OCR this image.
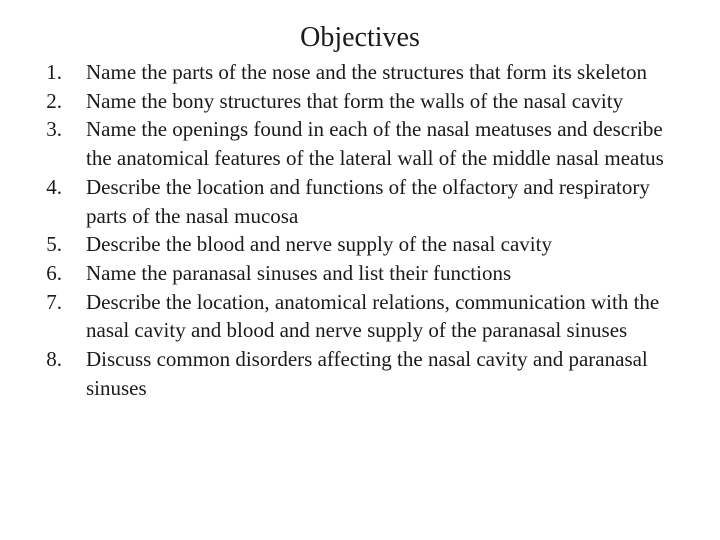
Objectives
1. Name the parts of the nose and the structures that form its skeleton
2. Name the bony structures that form the walls of the nasal cavity
3. Name the openings found in each of the nasal meatuses and describe the anatomical features of the lateral wall of the middle nasal meatus
4. Describe the location and functions of the olfactory and respiratory parts of the nasal mucosa
5. Describe the blood and nerve supply of the nasal cavity
6. Name the paranasal sinuses and list their functions
7. Describe the location, anatomical relations, communication with the nasal cavity and blood and nerve supply of the paranasal sinuses
8. Discuss common disorders affecting the nasal cavity and paranasal sinuses
